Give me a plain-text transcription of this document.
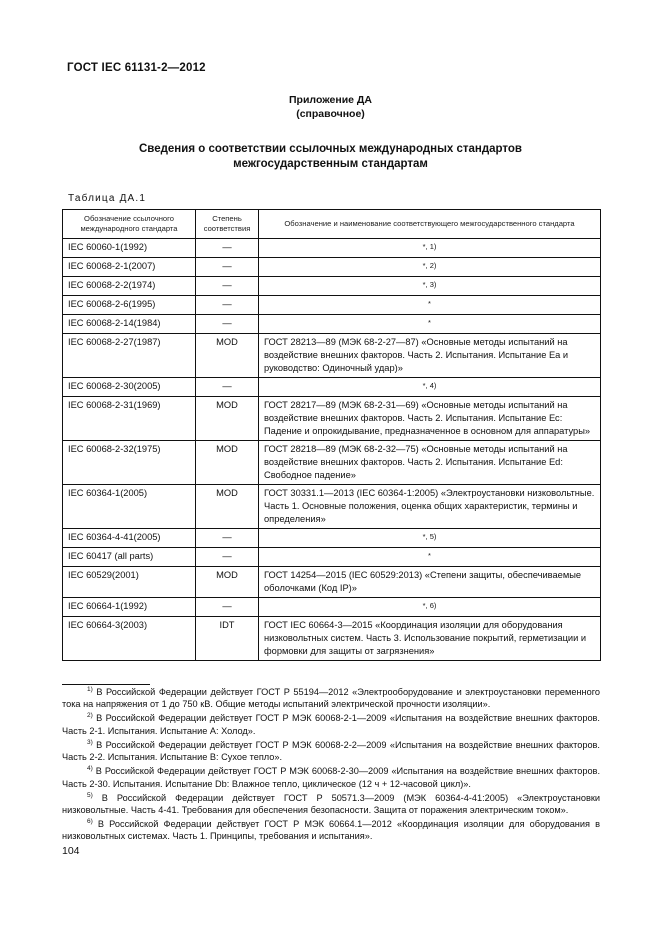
ГОСТ IEC 61131-2—2012
Приложение ДА
(справочное)
Сведения о соответствии ссылочных международных стандартов
межгосударственным стандартам
Таблица ДА.1
Обозначение ссылочного международного стандарта	Степень соответствия	Обозначение и наименование соответствующего межгосударственного стандарта
IEC 60060-1(1992)	—	*, 1)
IEC 60068-2-1(2007)	—	*, 2)
IEC 60068-2-2(1974)	—	*, 3)
IEC 60068-2-6(1995)	—	*
IEC 60068-2-14(1984)	—	*
IEC 60068-2-27(1987)	MOD	ГОСТ 28213—89 (МЭК 68-2-27—87) «Основные методы испытаний на воздействие внешних факторов. Часть 2. Испытания. Испытание Еа и руководство: Одиночный удар)»
IEC 60068-2-30(2005)	—	*, 4)
IEC 60068-2-31(1969)	MOD	ГОСТ 28217—89 (МЭК 68-2-31—69) «Основные методы испытаний на воздействие внешних факторов. Часть 2. Испытания. Испытание Ес: Падение и опрокидывание, предназначенное в основном для аппаратуры»
IEC 60068-2-32(1975)	MOD	ГОСТ 28218—89 (МЭК 68-2-32—75) «Основные методы испытаний на воздействие внешних факторов. Часть 2. Испытания. Испытание Ed: Свободное падение»
IEC 60364-1(2005)	MOD	ГОСТ 30331.1—2013 (IEC 60364-1:2005) «Электроустановки низковольтные. Часть 1. Основные положения, оценка общих характеристик, термины и определения»
IEC 60364-4-41(2005)	—	*, 5)
IEC 60417 (all parts)	—	*
IEC 60529(2001)	MOD	ГОСТ 14254—2015 (IEC 60529:2013) «Степени защиты, обеспечиваемые оболочками (Код IP)»
IEC 60664-1(1992)	—	*, 6)
IEC 60664-3(2003)	IDT	ГОСТ IEC 60664-3—2015 «Координация изоляции для оборудования низковольтных систем. Часть 3. Использование покрытий, герметизации и формовки для защиты от загрязнения»

$^{1)}$ В Российской Федерации действует ГОСТ Р 55194—2012 «Электрооборудование и электроустановки переменного тока на напряжения от 1 до 750 кВ. Общие методы испытаний электрической прочности изоляции».

$^{2)}$ В Российской Федерации действует ГОСТ Р МЭК 60068-2-1—2009 «Испытания на воздействие внешних факторов. Часть 2-1. Испытания. Испытание А: Холод».

$^{3)}$ В Российской Федерации действует ГОСТ Р МЭК 60068-2-2—2009 «Испытания на воздействие внешних факторов. Часть 2-2. Испытания. Испытание В: Сухое тепло».

$^{4)}$ В Российской Федерации действует ГОСТ Р МЭК 60068-2-30—2009 «Испытания на воздействие внешних факторов. Часть 2-30. Испытания. Испытание Db: Влажное тепло, циклическое (12 ч + 12-часовой цикл)».

$^{5)}$ В Российской Федерации действует ГОСТ Р 50571.3—2009 (МЭК 60364-4-41:2005) «Электроустановки низковольтные. Часть 4-41. Требования для обеспечения безопасности. Защита от поражения электрическим током».

$^{6)}$ В Российской Федерации действует ГОСТ Р МЭК 60664.1—2012 «Координация изоляции для оборудования в низковольтных системах. Часть 1. Принципы, требования и испытания».

104
